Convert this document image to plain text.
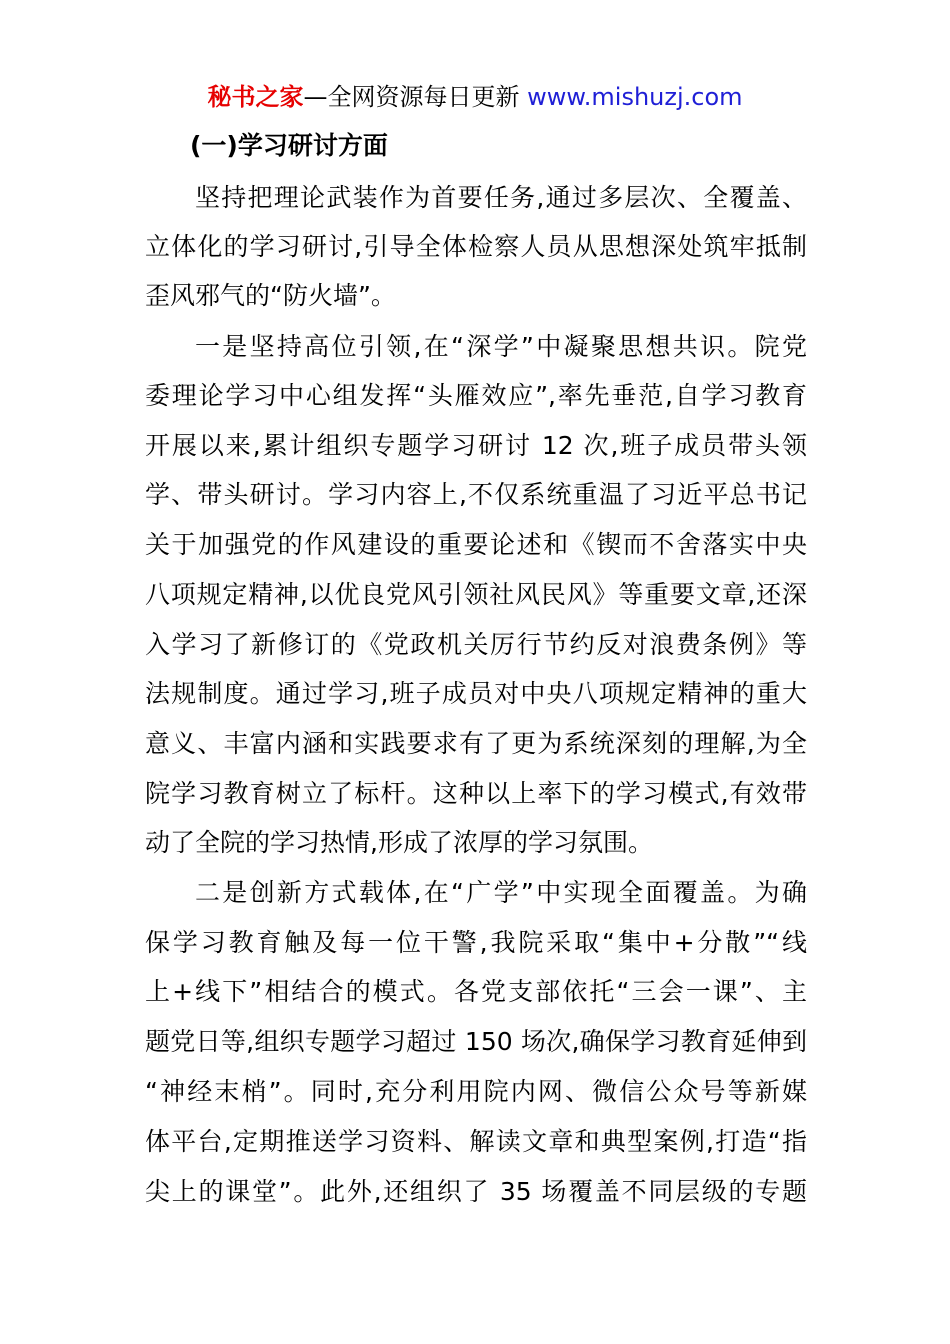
秘书之家—全网资源每日更新 www.mishuzj.com
(一)学习研讨方面
坚持把理论武装作为首要任务,通过多层次、全覆盖、
立体化的学习研讨,引导全体检察人员从思想深处筑牢抵制
歪风邪气的“防火墙”。
一是坚持高位引领,在“深学”中凝聚思想共识。院党
委理论学习中心组发挥“头雁效应”,率先垂范,自学习教育
开展以来,累计组织专题学习研讨 12 次,班子成员带头领
学、带头研讨。学习内容上,不仅系统重温了习近平总书记
关于加强党的作风建设的重要论述和《锲而不舍落实中央
八项规定精神,以优良党风引领社风民风》等重要文章,还深
入学习了新修订的《党政机关厉行节约反对浪费条例》等
法规制度。通过学习,班子成员对中央八项规定精神的重大
意义、丰富内涵和实践要求有了更为系统深刻的理解,为全
院学习教育树立了标杆。这种以上率下的学习模式,有效带
动了全院的学习热情,形成了浓厚的学习氛围。
二是创新方式载体,在“广学”中实现全面覆盖。为确
保学习教育触及每一位干警,我院采取“集中+分散”“线
上+线下”相结合的模式。各党支部依托“三会一课”、主
题党日等,组织专题学习超过 150 场次,确保学习教育延伸到
“神经末梢”。同时,充分利用院内网、微信公众号等新媒
体平台,定期推送学习资料、解读文章和典型案例,打造“指
尖上的课堂”。此外,还组织了 35 场覆盖不同层级的专题
